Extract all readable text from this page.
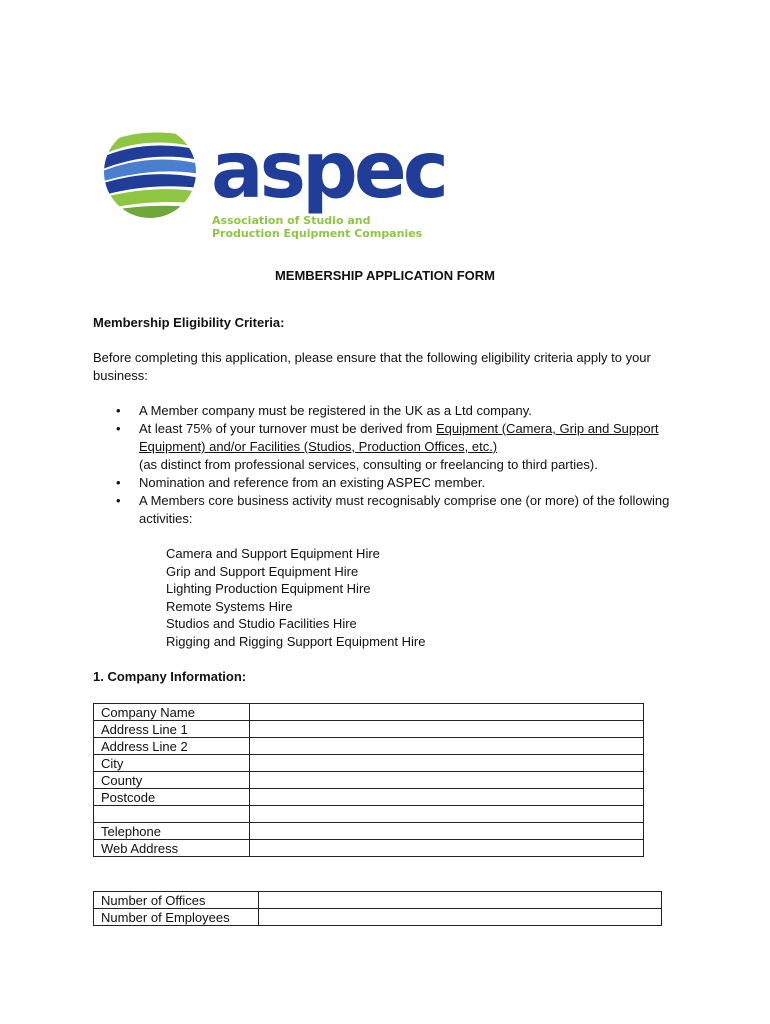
aspec
Association of Studio and Production Equipment Companies
MEMBERSHIP APPLICATION FORM
Membership Eligibility Criteria:
Before completing this application, please ensure that the following eligibility criteria apply to your business:
• A Member company must be registered in the UK as a Ltd company.
• At least 75% of your turnover must be derived from Equipment (Camera, Grip and Support Equipment) and/or Facilities (Studios, Production Offices, etc.)
(as distinct from professional services, consulting or freelancing to third parties).
• Nomination and reference from an existing ASPEC member.
• A Members core business activity must recognisably comprise one (or more) of the following activities:
Camera and Support Equipment Hire
Grip and Support Equipment Hire
Lighting Production Equipment Hire
Remote Systems Hire
Studios and Studio Facilities Hire
Rigging and Rigging Support Equipment Hire
1. Company Information:
Company Name	
Address Line 1	
Address Line 2	
City	
County	
Postcode	

Telephone	
Web Address	
Number of Offices	
Number of Employees	
